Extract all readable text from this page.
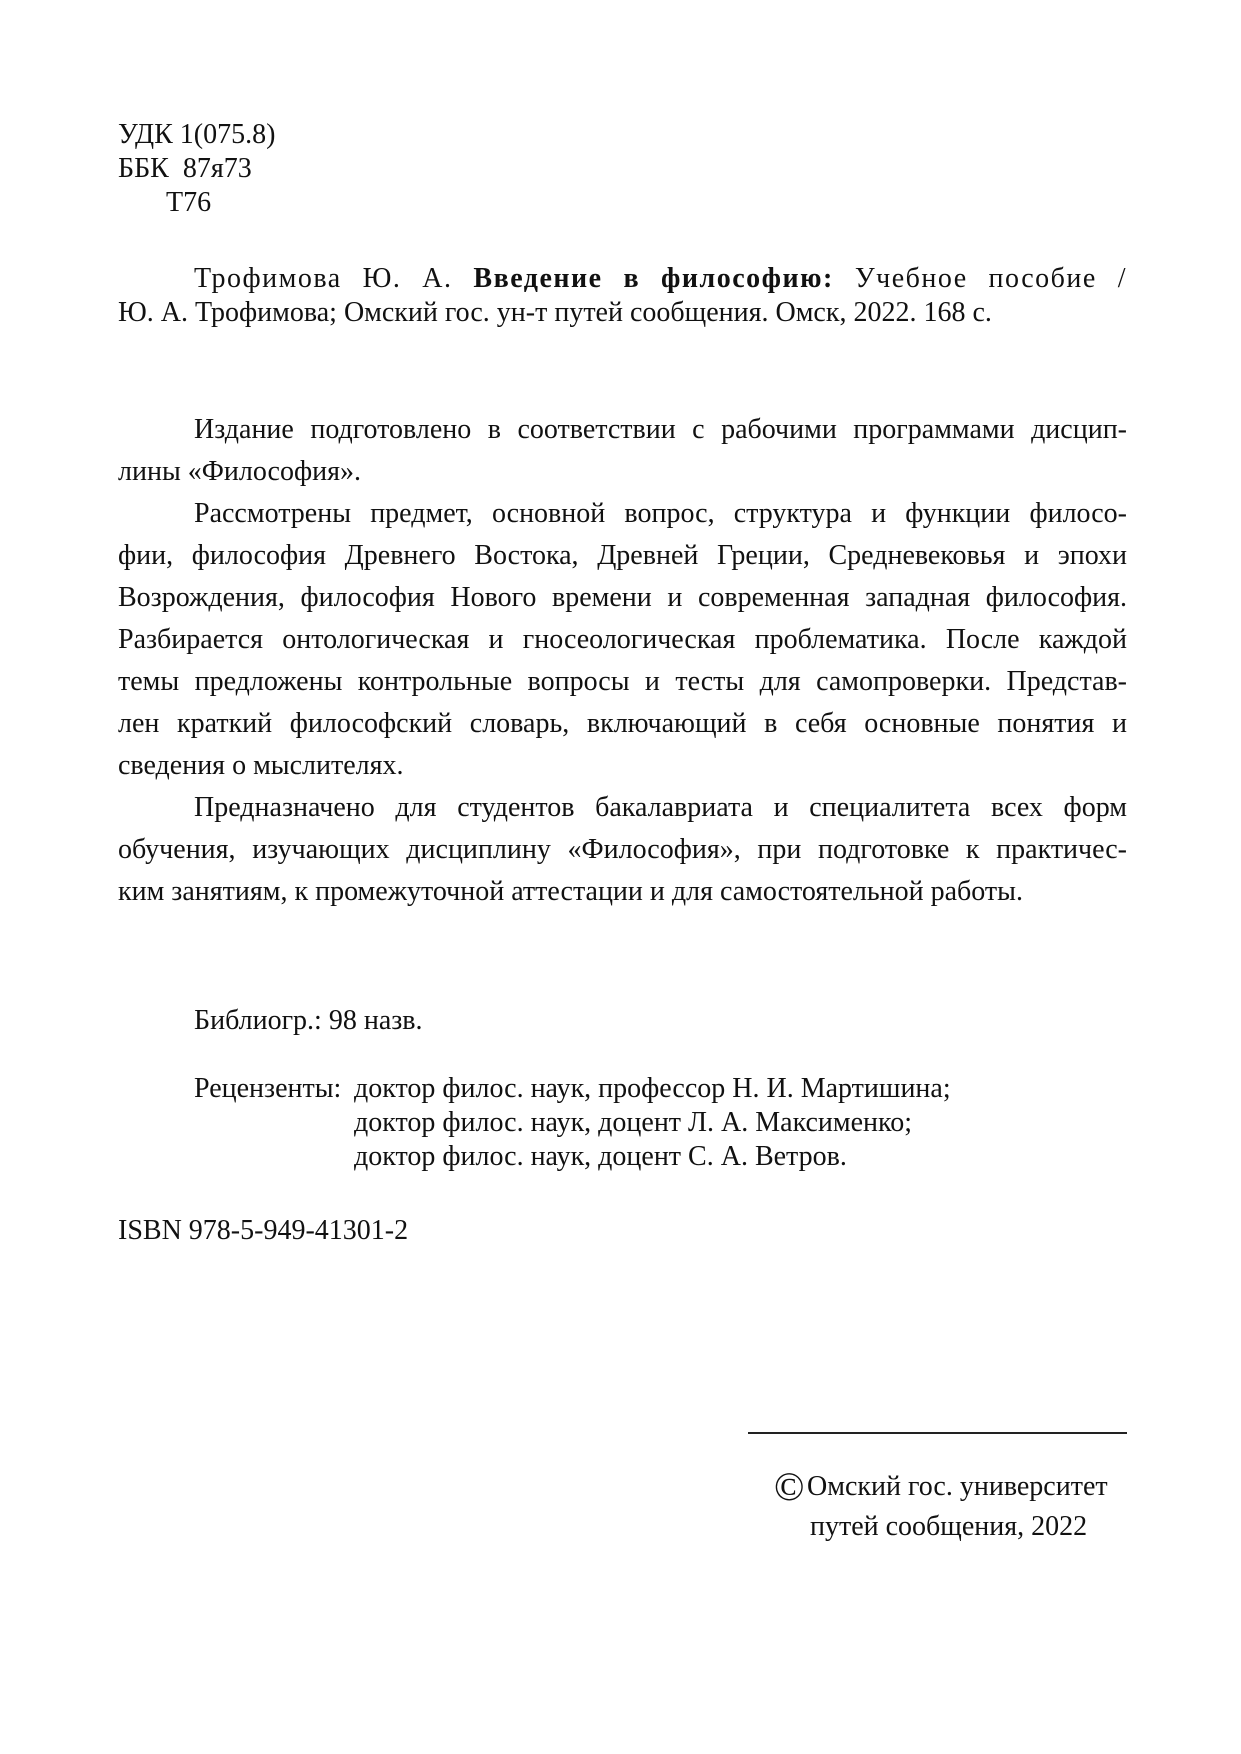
УДК 1(075.8)
ББК  87я73
Т76
Трофимова Ю. А. Введение в философию: Учебное пособие /
Ю. А. Трофимова; Омский гос. ун-т путей сообщения. Омск, 2022. 168 с.
Издание подготовлено в соответствии с рабочими программами дисцип-
лины «Философия».
Рассмотрены предмет, основной вопрос, структура и функции филосо-
фии, философия Древнего Востока, Древней Греции, Средневековья и эпохи
Возрождения, философия Нового времени и современная западная философия.
Разбирается онтологическая и гносеологическая проблематика. После каждой
темы предложены контрольные вопросы и тесты для самопроверки. Представ-
лен краткий философский словарь, включающий в себя основные понятия и
сведения о мыслителях.
Предназначено для студентов бакалавриата и специалитета всех форм
обучения, изучающих дисциплину «Философия», при подготовке к практичес-
ким занятиям, к промежуточной аттестации и для самостоятельной работы.
Библиогр.: 98 назв.
Рецензенты: доктор филос. наук, профессор Н. И. Мартишина;
доктор филос. наук, доцент Л. А. Максименко;
доктор филос. наук, доцент С. А. Ветров.
ISBN 978-5-949-41301-2
© Омский гос. университет
путей сообщения, 2022
